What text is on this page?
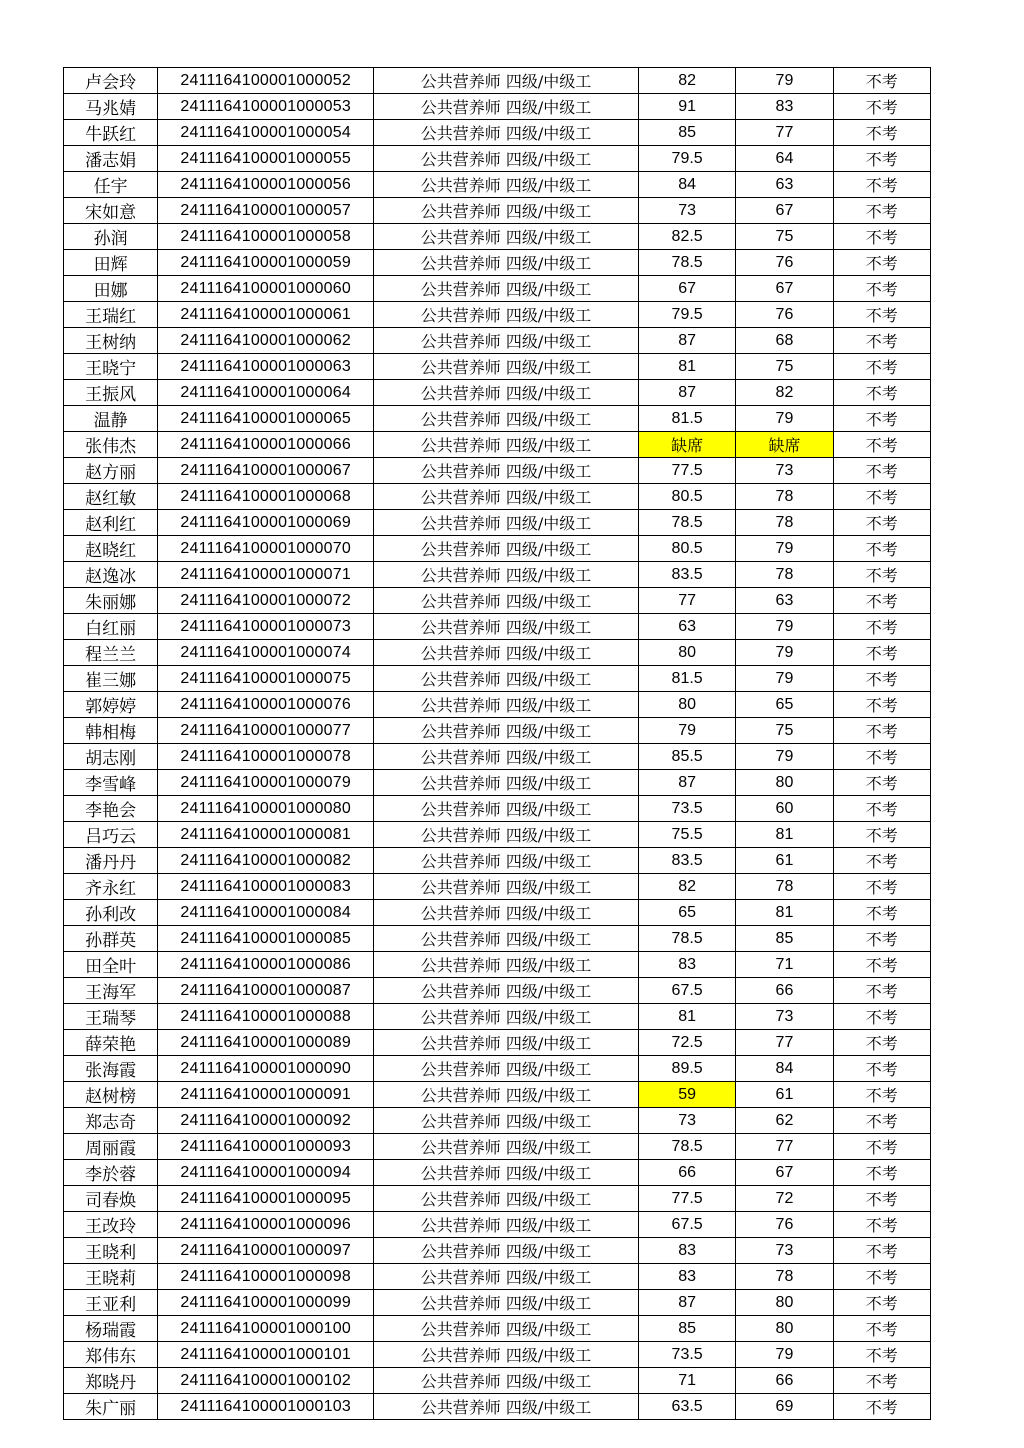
卢会玲	2411164100001000052	公共营养师 四级/中级工	82	79	不考
马兆婧	2411164100001000053	公共营养师 四级/中级工	91	83	不考
牛跃红	2411164100001000054	公共营养师 四级/中级工	85	77	不考
潘志娟	2411164100001000055	公共营养师 四级/中级工	79.5	64	不考
任宇	2411164100001000056	公共营养师 四级/中级工	84	63	不考
宋如意	2411164100001000057	公共营养师 四级/中级工	73	67	不考
孙润	2411164100001000058	公共营养师 四级/中级工	82.5	75	不考
田辉	2411164100001000059	公共营养师 四级/中级工	78.5	76	不考
田娜	2411164100001000060	公共营养师 四级/中级工	67	67	不考
王瑞红	2411164100001000061	公共营养师 四级/中级工	79.5	76	不考
王树纳	2411164100001000062	公共营养师 四级/中级工	87	68	不考
王晓宁	2411164100001000063	公共营养师 四级/中级工	81	75	不考
王振风	2411164100001000064	公共营养师 四级/中级工	87	82	不考
温静	2411164100001000065	公共营养师 四级/中级工	81.5	79	不考
张伟杰	2411164100001000066	公共营养师 四级/中级工	缺席	缺席	不考
赵方丽	2411164100001000067	公共营养师 四级/中级工	77.5	73	不考
赵红敏	2411164100001000068	公共营养师 四级/中级工	80.5	78	不考
赵利红	2411164100001000069	公共营养师 四级/中级工	78.5	78	不考
赵晓红	2411164100001000070	公共营养师 四级/中级工	80.5	79	不考
赵逸冰	2411164100001000071	公共营养师 四级/中级工	83.5	78	不考
朱丽娜	2411164100001000072	公共营养师 四级/中级工	77	63	不考
白红丽	2411164100001000073	公共营养师 四级/中级工	63	79	不考
程兰兰	2411164100001000074	公共营养师 四级/中级工	80	79	不考
崔三娜	2411164100001000075	公共营养师 四级/中级工	81.5	79	不考
郭婷婷	2411164100001000076	公共营养师 四级/中级工	80	65	不考
韩相梅	2411164100001000077	公共营养师 四级/中级工	79	75	不考
胡志刚	2411164100001000078	公共营养师 四级/中级工	85.5	79	不考
李雪峰	2411164100001000079	公共营养师 四级/中级工	87	80	不考
李艳会	2411164100001000080	公共营养师 四级/中级工	73.5	60	不考
吕巧云	2411164100001000081	公共营养师 四级/中级工	75.5	81	不考
潘丹丹	2411164100001000082	公共营养师 四级/中级工	83.5	61	不考
齐永红	2411164100001000083	公共营养师 四级/中级工	82	78	不考
孙利改	2411164100001000084	公共营养师 四级/中级工	65	81	不考
孙群英	2411164100001000085	公共营养师 四级/中级工	78.5	85	不考
田全叶	2411164100001000086	公共营养师 四级/中级工	83	71	不考
王海军	2411164100001000087	公共营养师 四级/中级工	67.5	66	不考
王瑞琴	2411164100001000088	公共营养师 四级/中级工	81	73	不考
薛荣艳	2411164100001000089	公共营养师 四级/中级工	72.5	77	不考
张海霞	2411164100001000090	公共营养师 四级/中级工	89.5	84	不考
赵树榜	2411164100001000091	公共营养师 四级/中级工	59	61	不考
郑志奇	2411164100001000092	公共营养师 四级/中级工	73	62	不考
周丽霞	2411164100001000093	公共营养师 四级/中级工	78.5	77	不考
李於蓉	2411164100001000094	公共营养师 四级/中级工	66	67	不考
司春焕	2411164100001000095	公共营养师 四级/中级工	77.5	72	不考
王改玲	2411164100001000096	公共营养师 四级/中级工	67.5	76	不考
王晓利	2411164100001000097	公共营养师 四级/中级工	83	73	不考
王晓莉	2411164100001000098	公共营养师 四级/中级工	83	78	不考
王亚利	2411164100001000099	公共营养师 四级/中级工	87	80	不考
杨瑞霞	2411164100001000100	公共营养师 四级/中级工	85	80	不考
郑伟东	2411164100001000101	公共营养师 四级/中级工	73.5	79	不考
郑晓丹	2411164100001000102	公共营养师 四级/中级工	71	66	不考
朱广丽	2411164100001000103	公共营养师 四级/中级工	63.5	69	不考
